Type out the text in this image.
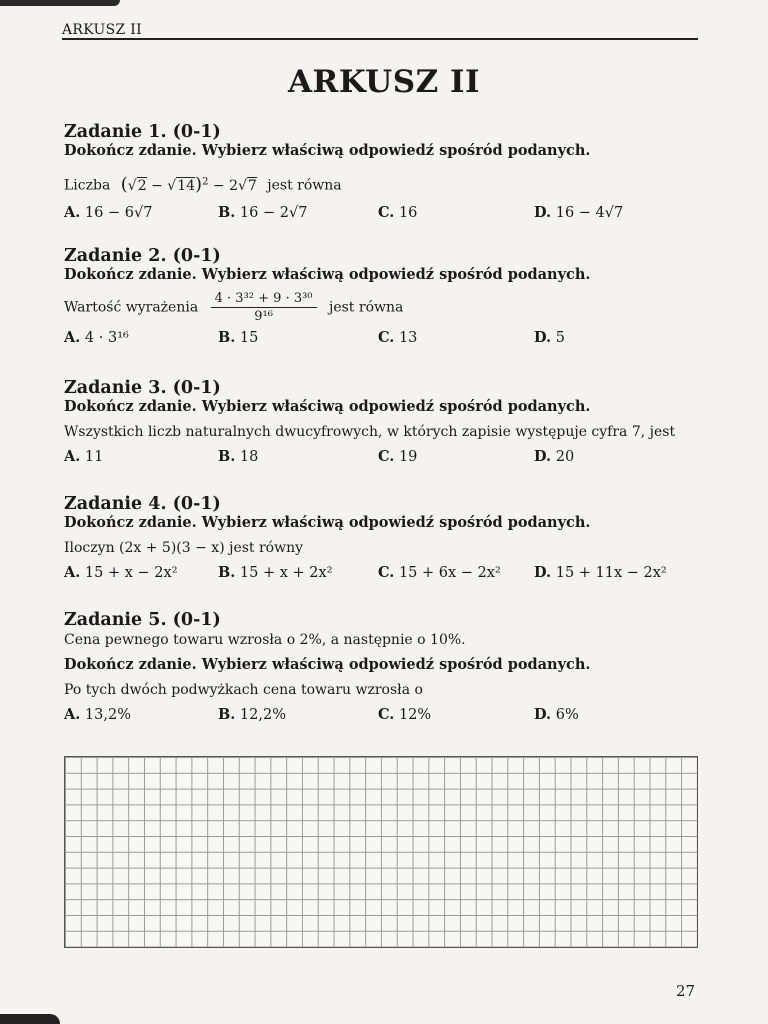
ARKUSZ II
ARKUSZ II
Zadanie 1. (0-1)
Dokończ zdanie. Wybierz właściwą odpowiedź spośród podanych.
Liczba $(√2 - √14)^2 - 2√7$ jest równa
A. 16 − 6√7	B. 16 − 2√7	C. 16	D. 16 − 4√7
Zadanie 2. (0-1)
Dokończ zdanie. Wybierz właściwą odpowiedź spośród podanych.
Wartość wyrażenia $\frac{\text{4 · 3³² + 9 · 3³⁰}}{\text{9¹⁶}}$ jest równa
A. 4 · 3¹⁶	B. 15	C. 13	D. 5
Zadanie 3. (0-1)
Dokończ zdanie. Wybierz właściwą odpowiedź spośród podanych.
Wszystkich liczb naturalnych dwucyfrowych, w których zapisie występuje cyfra 7, jest
A. 11	B. 18	C. 19	D. 20
Zadanie 4. (0-1)
Dokończ zdanie. Wybierz właściwą odpowiedź spośród podanych.
Iloczyn (2x + 5)(3 − x) jest równy
A. 15 + x − 2x²	B. 15 + x + 2x²	C. 15 + 6x − 2x² D. 15 + 11x − 2x²
Zadanie 5. (0-1)
Cena pewnego towaru wzrosła o 2%, a następnie o 10%.
Dokończ zdanie. Wybierz właściwą odpowiedź spośród podanych.
Po tych dwóch podwyżkach cena towaru wzrosła o
A. 13,2%	B. 12,2%	C. 12%	D. 6%
27
